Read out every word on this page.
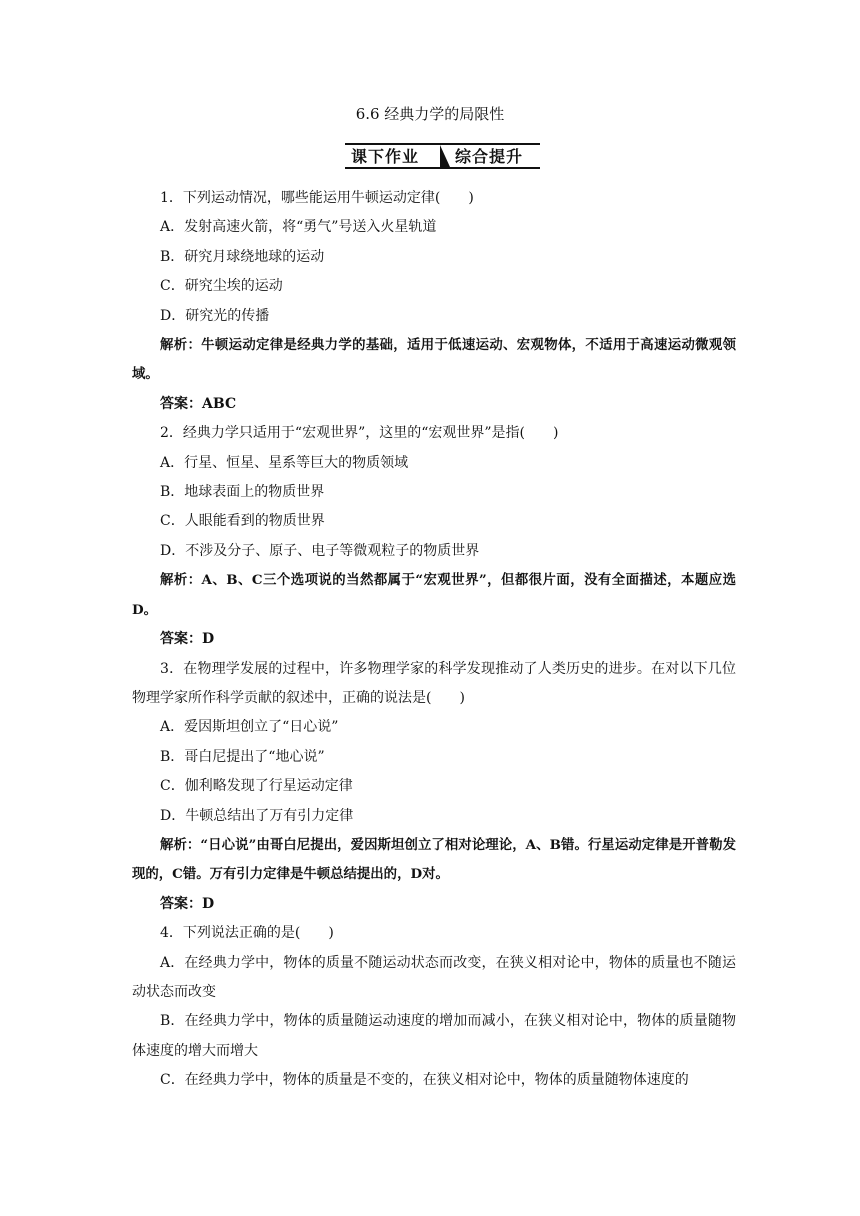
6.6 经典力学的局限性
课下作业 综合提升
1．下列运动情况，哪些能运用牛顿运动定律(　　)
A．发射高速火箭，将“勇气”号送入火星轨道
B．研究月球绕地球的运动
C．研究尘埃的运动
D．研究光的传播
解析：牛顿运动定律是经典力学的基础，适用于低速运动、宏观物体，不适用于高速运动微观领域。
答案：ABC
2．经典力学只适用于“宏观世界”，这里的“宏观世界”是指(　　)
A．行星、恒星、星系等巨大的物质领域
B．地球表面上的物质世界
C．人眼能看到的物质世界
D．不涉及分子、原子、电子等微观粒子的物质世界
解析：A、B、C三个选项说的当然都属于“宏观世界”，但都很片面，没有全面描述，本题应选D。
答案：D
3．在物理学发展的过程中，许多物理学家的科学发现推动了人类历史的进步。在对以下几位物理学家所作科学贡献的叙述中，正确的说法是(　　)
A．爱因斯坦创立了“日心说”
B．哥白尼提出了“地心说”
C．伽利略发现了行星运动定律
D．牛顿总结出了万有引力定律
解析：“日心说”由哥白尼提出，爱因斯坦创立了相对论理论，A、B错。行星运动定律是开普勒发现的，C错。万有引力定律是牛顿总结提出的，D对。
答案：D
4．下列说法正确的是(　　)
A．在经典力学中，物体的质量不随运动状态而改变，在狭义相对论中，物体的质量也不随运动状态而改变
B．在经典力学中，物体的质量随运动速度的增加而减小，在狭义相对论中，物体的质量随物体速度的增大而增大
C．在经典力学中，物体的质量是不变的，在狭义相对论中，物体的质量随物体速度的
